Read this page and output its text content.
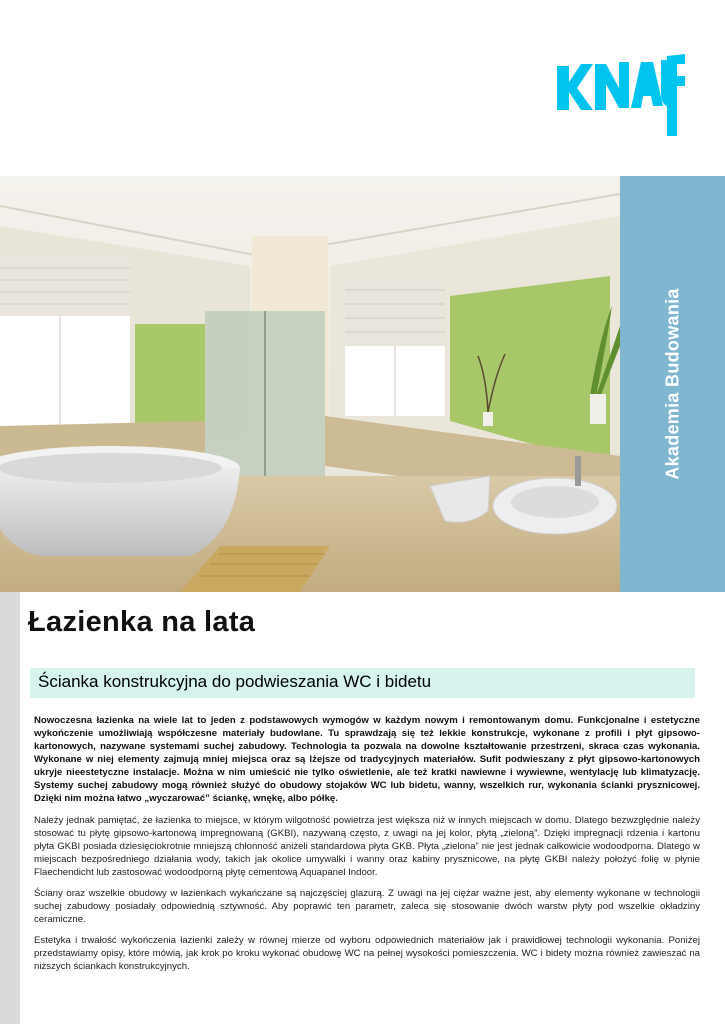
KNAUF
Akademia Budowania
Łazienka na lata
Ścianka konstrukcyjna do podwieszania WC i bidetu

Nowoczesna łazienka na wiele lat to jeden z podstawowych wymogów w każdym nowym i remontowanym domu. Funkcjonalne i estetyczne wykończenie umożliwiają współczesne materiały budowlane. Tu sprawdzają się też lekkie konstrukcje, wykonane z profili i płyt gipsowo-kartonowych, nazywane systemami suchej zabudowy. Technologia ta pozwala na dowolne kształtowanie przestrzeni, skraca czas wykonania. Wykonane w niej elementy zajmują mniej miejsca oraz są lżejsze od tradycyjnych materiałów. Sufit podwieszany z płyt gipsowo-kartonowych ukryje nieestetyczne instalacje. Można w nim umieścić nie tylko oświetlenie, ale też kratki nawiewne i wywiewne, wentylację lub klimatyzację. Systemy suchej zabudowy mogą również służyć do obudowy stojaków WC lub bidetu, wanny, wszelkich rur, wykonania ścianki prysznicowej. Dzięki nim można łatwo „wyczarować” ściankę, wnękę, albo półkę.

Należy jednak pamiętać, że łazienka to miejsce, w którym wilgotność powietrza jest większa niż w innych miejscach w domu. Dlatego bezwzględnie należy stosować tu płytę gipsowo-kartonową impregnowaną (GKBI), nazywaną często, z uwagi na jej kolor, płytą „zieloną”. Dzięki impregnacji rdzenia i kartonu płyta GKBI posiada dziesięciokrotnie mniejszą chłonność aniżeli standardowa płyta GKB. Płyta „zielona” nie jest jednak całkowicie wodoodporna. Dlatego w miejscach bezpośredniego działania wody, takich jak okolice umywalki i wanny oraz kabiny prysznicowe, na płytę GKBI należy położyć folię w płynie Flaechendicht lub zastosować wodoodporną płytę cementową Aquapanel Indoor.

Ściany oraz wszelkie obudowy w łazienkach wykańczane są najczęściej glazurą. Z uwagi na jej ciężar ważne jest, aby elementy wykonane w technologii suchej zabudowy posiadały odpowiednią sztywność. Aby poprawić ten parametr, zaleca się stosowanie dwóch warstw płyty pod wszelkie okładziny ceramiczne.

Estetyka i trwałość wykończenia łazienki zależy w równej mierze od wyboru odpowiednich materiałów jak i prawidłowej technologii wykonania. Poniżej przedstawiamy opisy, które mówią, jak krok po kroku wykonać obudowę WC na pełnej wysokości pomieszczenia. WC i bidety można również zawieszać na niższych ściankach konstrukcyjnych.
